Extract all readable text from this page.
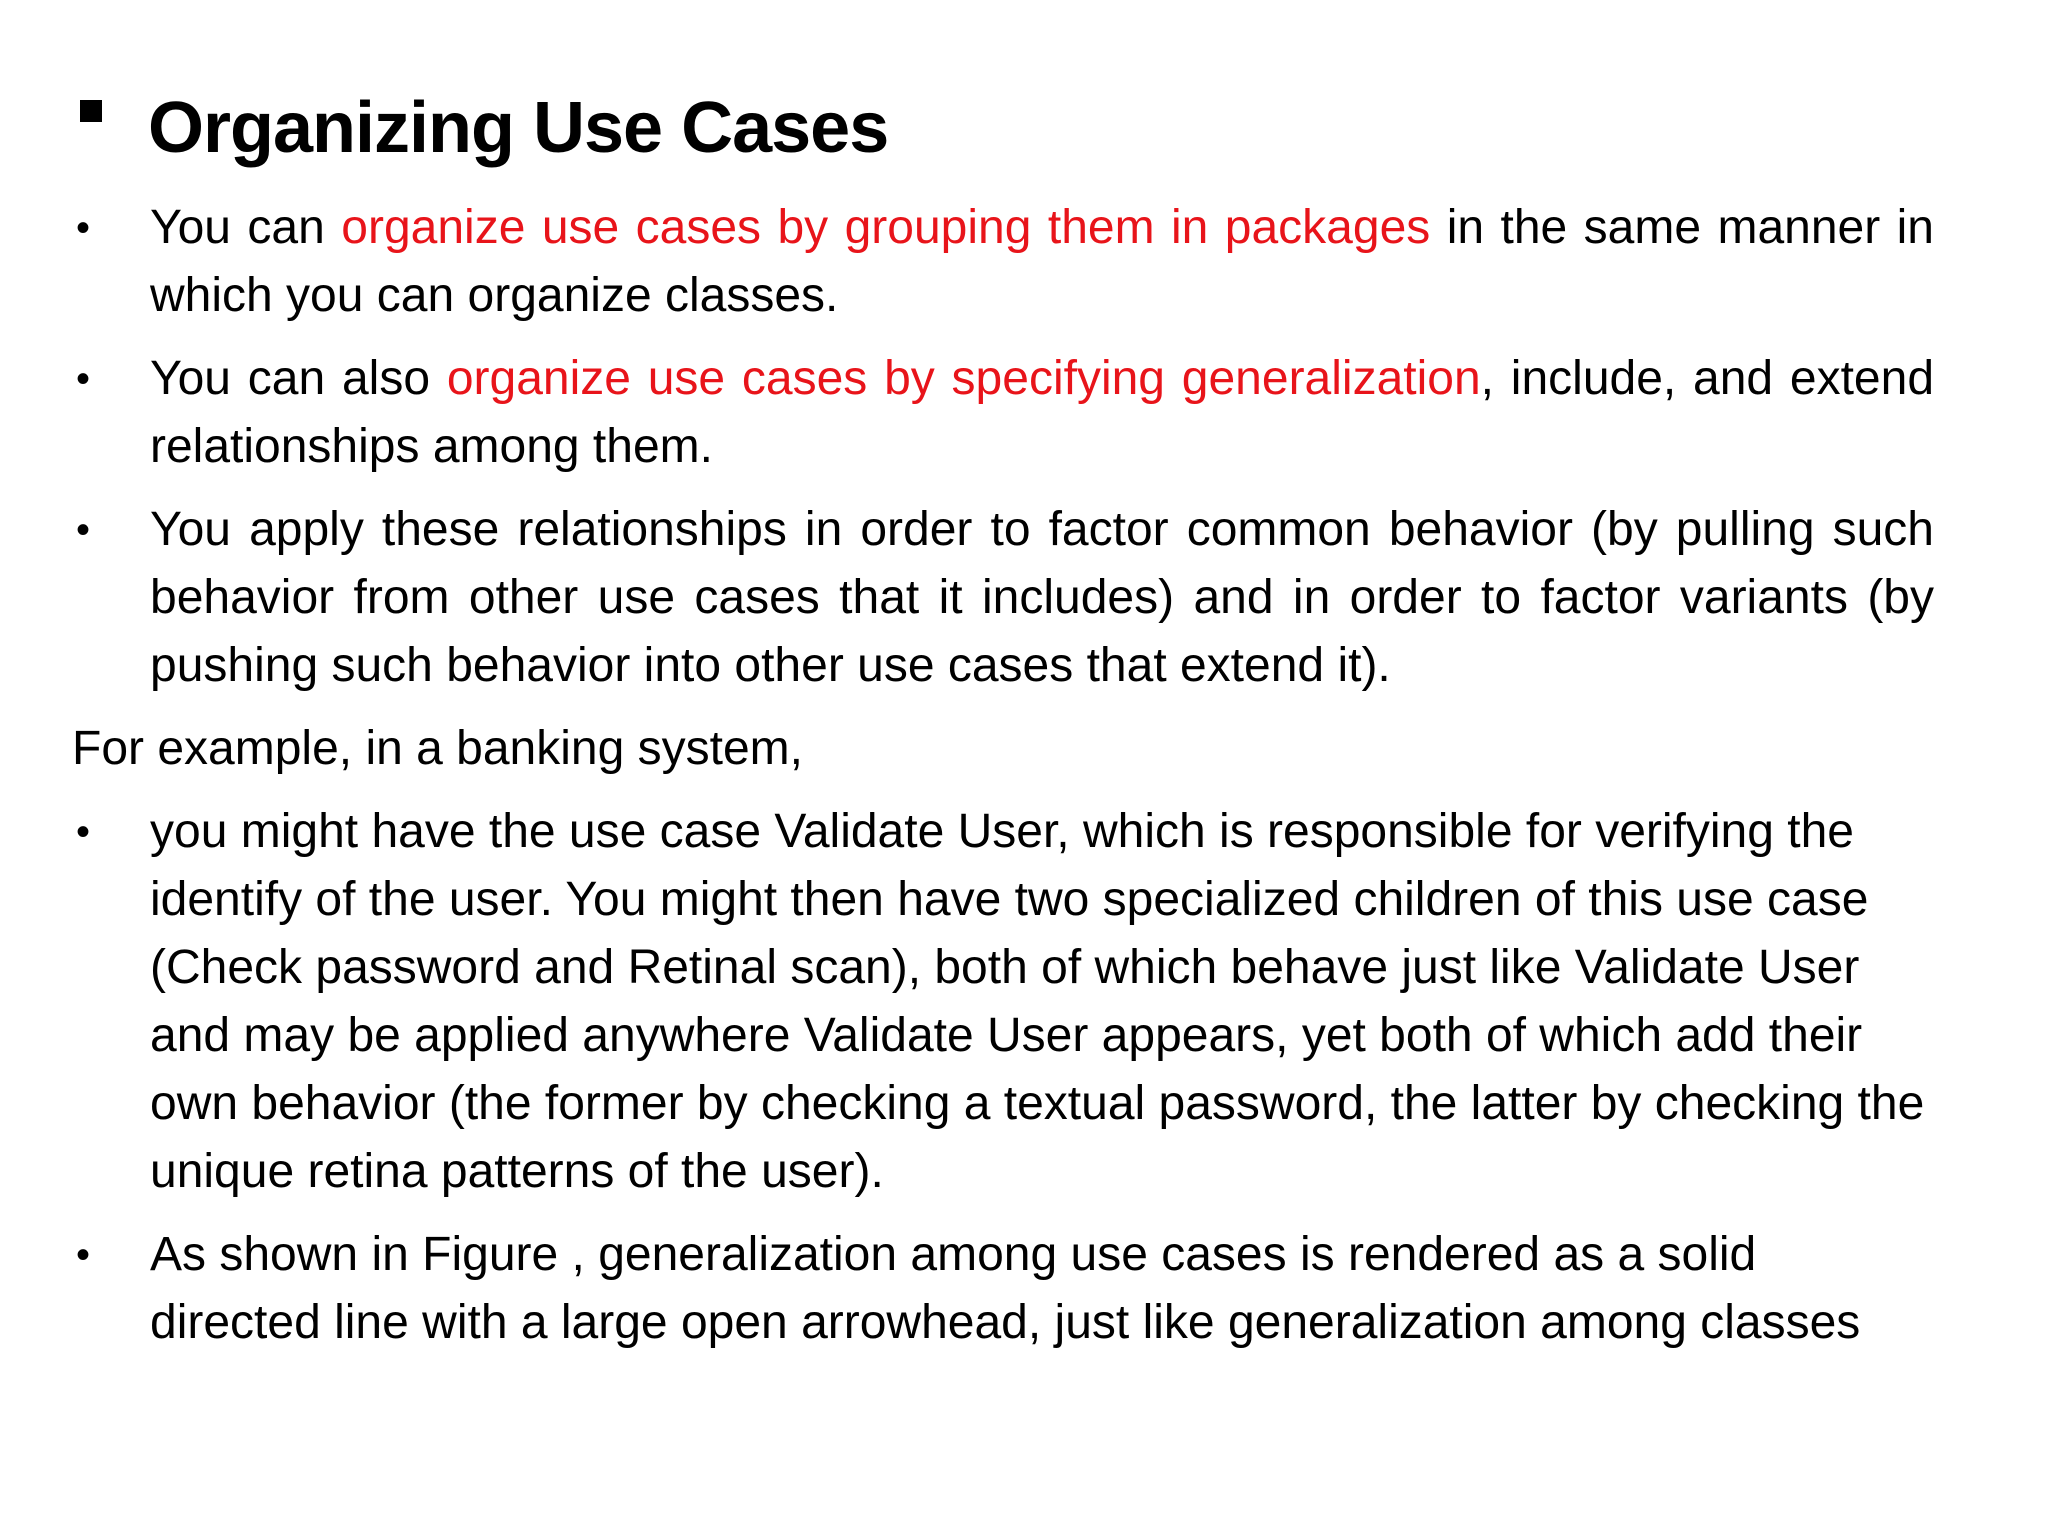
Organizing Use Cases
• You can organize use cases by grouping them in packages in the same manner in which you can organize classes.
• You can also organize use cases by specifying generalization, include, and extend relationships among them.
• You apply these relationships in order to factor common behavior (by pulling such behavior from other use cases that it includes) and in order to factor variants (by pushing such behavior into other use cases that extend it).
For example, in a banking system,
• you might have the use case Validate User, which is responsible for verifying the identify of the user. You might then have two specialized children of this use case (Check password and Retinal scan), both of which behave just like Validate User and may be applied anywhere Validate User appears, yet both of which add their own behavior (the former by checking a textual password, the latter by checking the unique retina patterns of the user).
• As shown in Figure , generalization among use cases is rendered as a solid directed line with a large open arrowhead, just like generalization among classes
